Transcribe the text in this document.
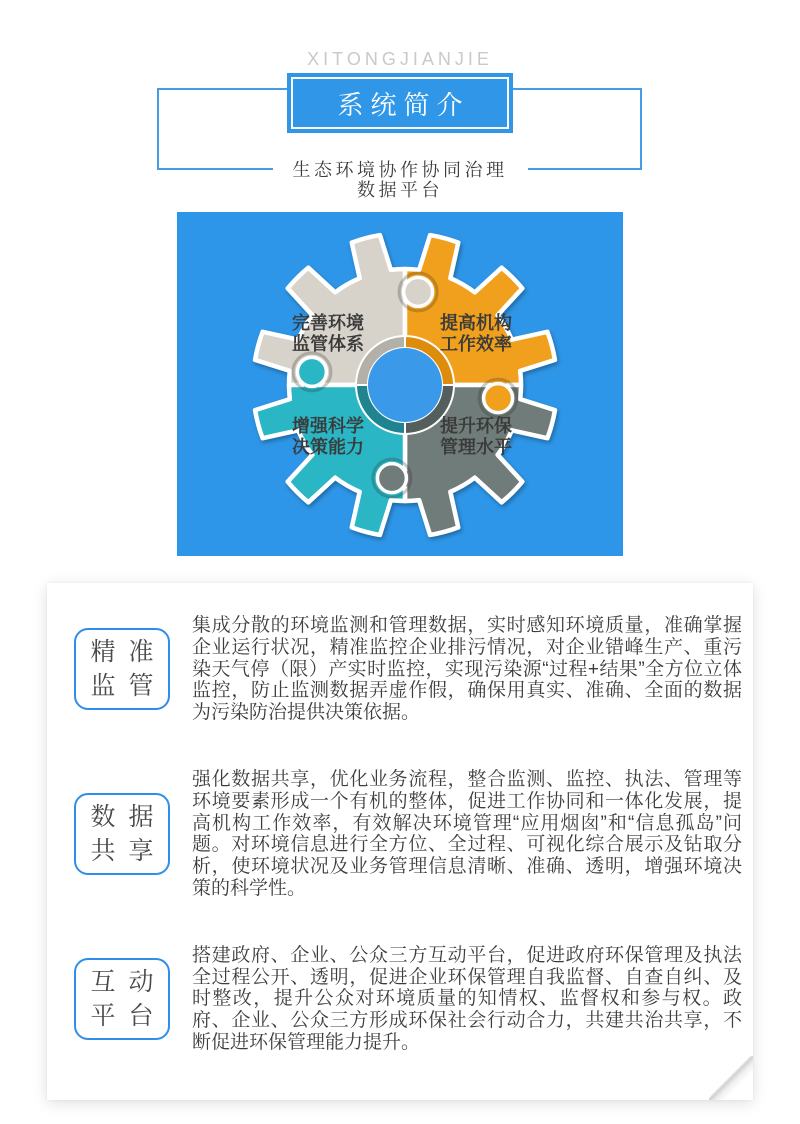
XITONGJIANJIE
系统简介
生态环境协作协同治理
数据平台
完善环境
监管体系
提高机构
工作效率
提升环保
管理水平
增强科学
决策能力
精准
监管
集成分散的环境监测和管理数据，实时感知环境质量，准确掌握企业运行状况，精准监控企业排污情况，对企业错峰生产、重污染天气停（限）产实时监控，实现污染源“过程+结果”全方位立体监控，防止监测数据弄虚作假，确保用真实、准确、全面的数据为污染防治提供决策依据。
数据
共享
强化数据共享，优化业务流程，整合监测、监控、执法、管理等环境要素形成一个有机的整体，促进工作协同和一体化发展，提高机构工作效率，有效解决环境管理“应用烟囱”和“信息孤岛”问题。对环境信息进行全方位、全过程、可视化综合展示及钻取分析，使环境状况及业务管理信息清晰、准确、透明，增强环境决策的科学性。
互动
平台
搭建政府、企业、公众三方互动平台，促进政府环保管理及执法全过程公开、透明，促进企业环保管理自我监督、自查自纠、及时整改，提升公众对环境质量的知情权、监督权和参与权。政府、企业、公众三方形成环保社会行动合力，共建共治共享，不断促进环保管理能力提升。
